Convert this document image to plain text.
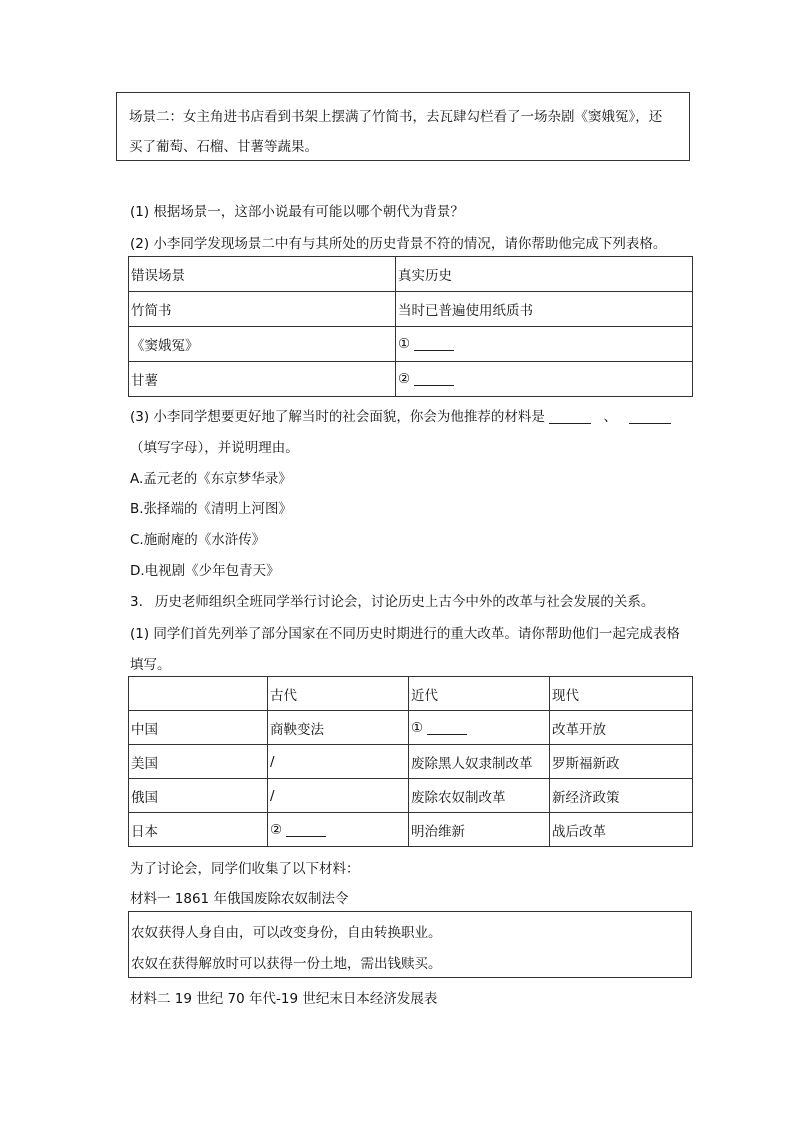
场景二：女主角进书店看到书架上摆满了竹简书，去瓦肆勾栏看了一场杂剧《窦娥冤》，还
买了葡萄、石榴、甘薯等蔬果。
(1) 根据场景一，这部小说最有可能以哪个朝代为背景？
(2) 小李同学发现场景二中有与其所处的历史背景不符的情况，请你帮助他完成下列表格。
错误场景	真实历史
竹简书	当时已普遍使用纸质书
《窦娥冤》	①
甘薯	②
(3) 小李同学想要更好地了解当时的社会面貌，你会为他推荐的材料是	、
（填写字母），并说明理由。
A.孟元老的《东京梦华录》
B.张择端的《清明上河图》
C.施耐庵的《水浒传》
D.电视剧《少年包青天》
3. 历史老师组织全班同学举行讨论会，讨论历史上古今中外的改革与社会发展的关系。
(1) 同学们首先列举了部分国家在不同历史时期进行的重大改革。请你帮助他们一起完成表格
填写。
	古代	近代	现代
中国	商鞅变法	①	改革开放
美国	/	废除黑人奴隶制改革	罗斯福新政
俄国	/	废除农奴制改革	新经济政策
日本	②	明治维新	战后改革
为了讨论会，同学们收集了以下材料：
材料一 1861 年俄国废除农奴制法令
农奴获得人身自由，可以改变身份，自由转换职业。
农奴在获得解放时可以获得一份土地，需出钱赎买。
材料二 19 世纪 70 年代-19 世纪末日本经济发展表
